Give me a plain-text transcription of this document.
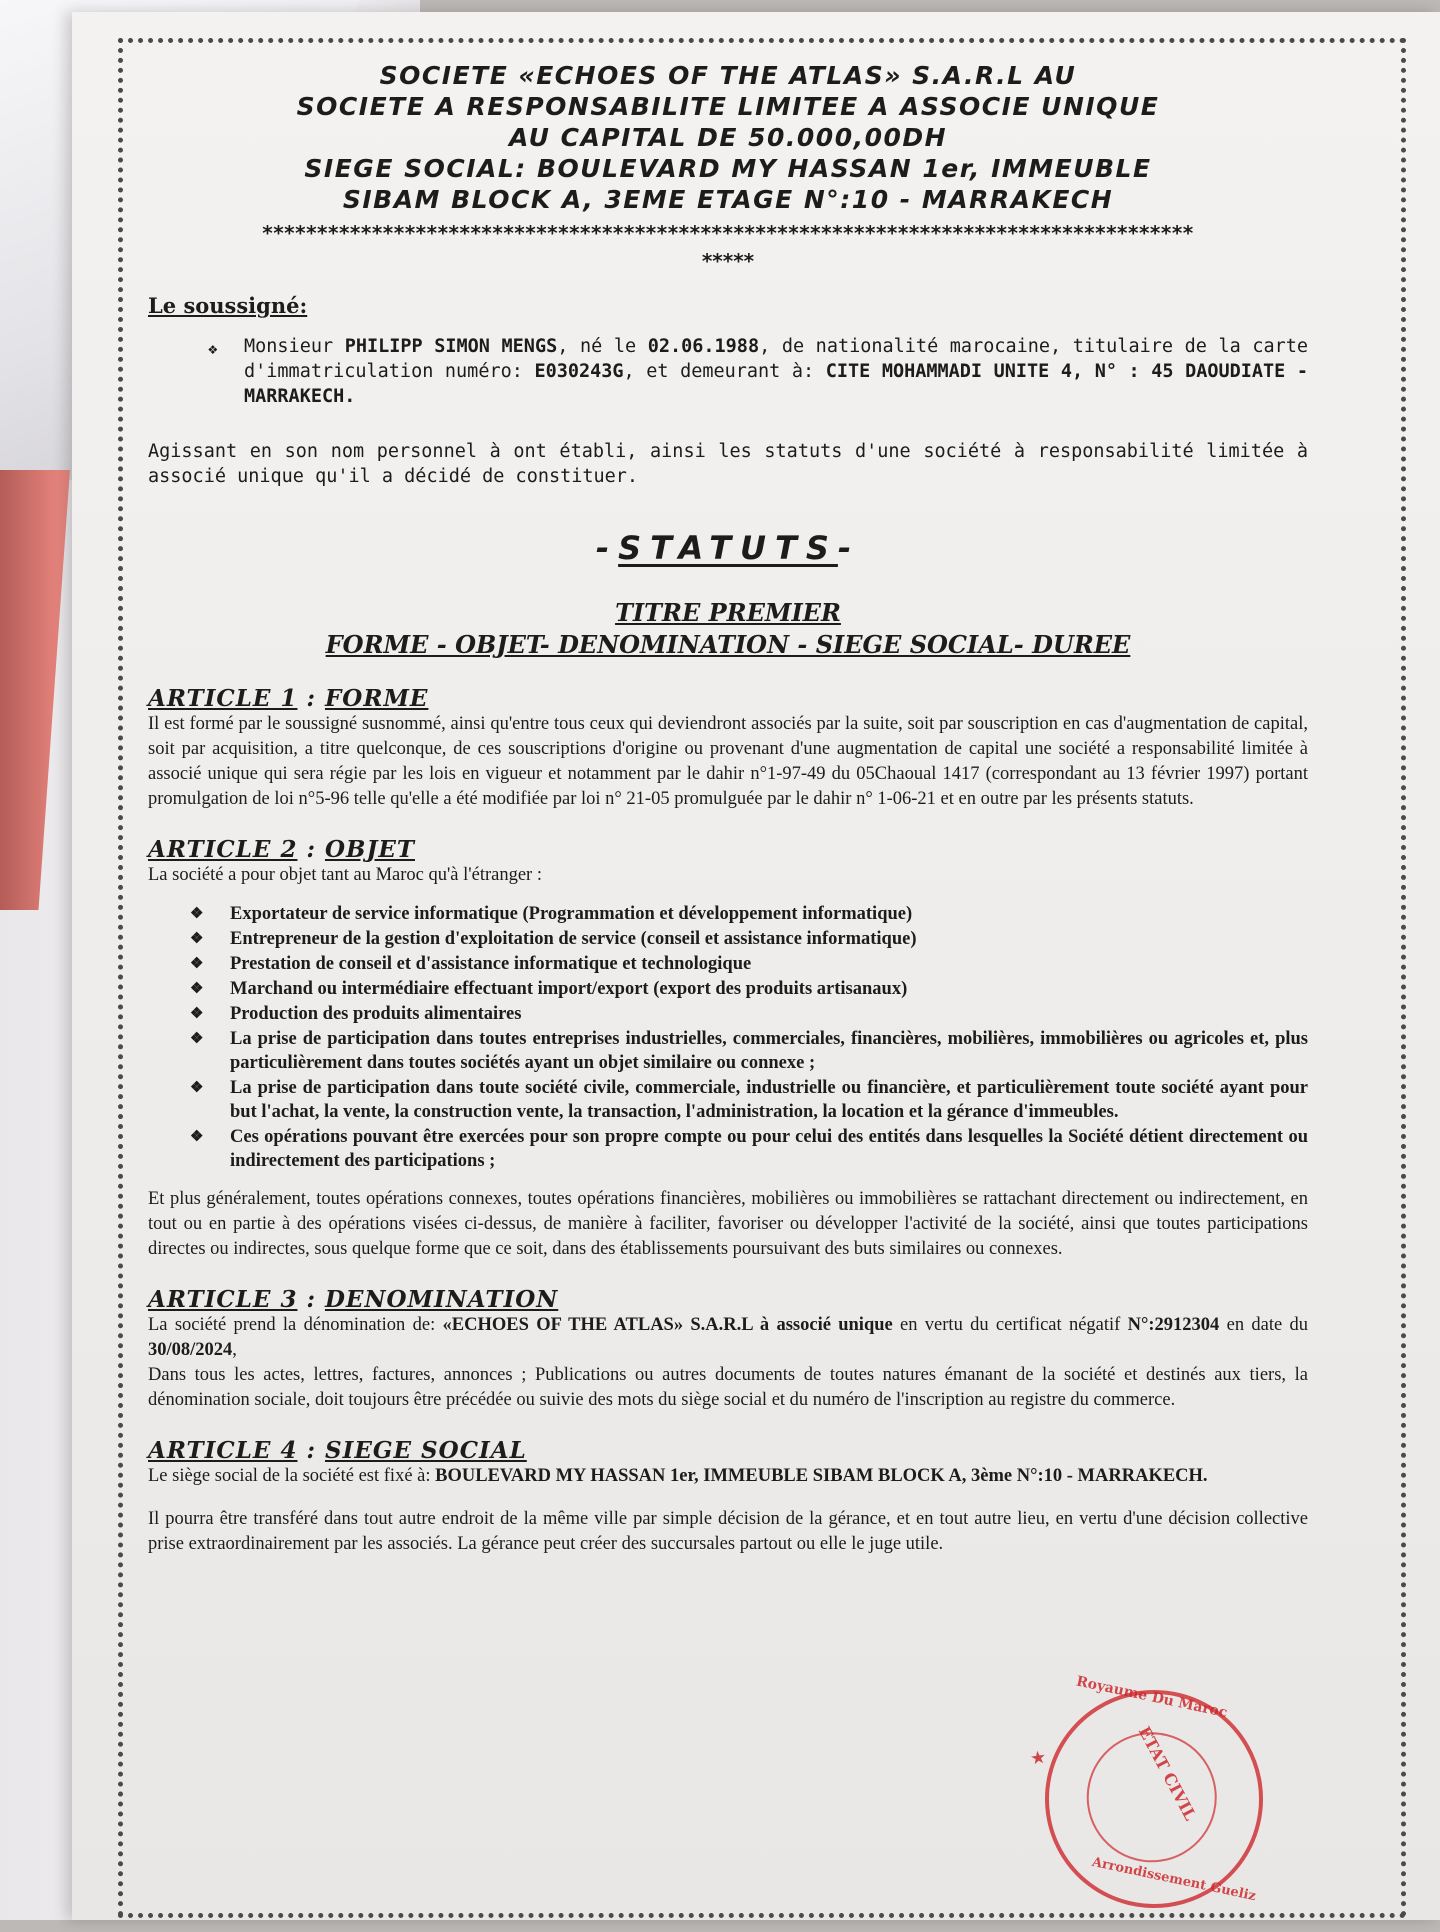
SOCIETE «ECHOES OF THE ATLAS» S.A.R.L AU
SOCIETE A RESPONSABILITE LIMITEE A ASSOCIE UNIQUE
AU CAPITAL DE 50.000,00DH
SIEGE SOCIAL: BOULEVARD MY HASSAN 1er, IMMEUBLE
SIBAM BLOCK A, 3EME ETAGE N°:10 - MARRAKECH
*************************************************************************************
*****
Le soussigné:
❖	Monsieur PHILIPP SIMON MENGS, né le 02.06.1988, de nationalité marocaine, titulaire de la carte d'immatriculation numéro: E030243G, et demeurant à: CITE MOHAMMADI UNITE 4, N° : 45 DAOUDIATE - MARRAKECH.
Agissant en son nom personnel à ont établi, ainsi les statuts d'une société à responsabilité limitée à associé unique qu'il a décidé de constituer.
-STATUTS-
TITRE PREMIER
FORME - OBJET- DENOMINATION - SIEGE SOCIAL- DUREE
ARTICLE 1 : FORME
Il est formé par le soussigné susnommé, ainsi qu'entre tous ceux qui deviendront associés par la suite, soit par souscription en cas d'augmentation de capital, soit par acquisition, a titre quelconque, de ces souscriptions d'origine ou provenant d'une augmentation de capital une société a responsabilité limitée à associé unique qui sera régie par les lois en vigueur et notamment par le dahir n°1-97-49 du 05Chaoual 1417 (correspondant au 13 février 1997) portant promulgation de loi n°5-96 telle qu'elle a été modifiée par loi n° 21-05 promulguée par le dahir n° 1-06-21 et en outre par les présents statuts.
ARTICLE 2 : OBJET
La société a pour objet tant au Maroc qu'à l'étranger :
❖	Exportateur de service informatique (Programmation et développement informatique)
❖	Entrepreneur de la gestion d'exploitation de service (conseil et assistance informatique)
❖	Prestation de conseil et d'assistance informatique et technologique
❖	Marchand ou intermédiaire effectuant import/export (export des produits artisanaux)
❖	Production des produits alimentaires
❖	La prise de participation dans toutes entreprises industrielles, commerciales, financières, mobilières, immobilières ou agricoles et, plus particulièrement dans toutes sociétés ayant un objet similaire ou connexe ;
❖	La prise de participation dans toute société civile, commerciale, industrielle ou financière, et particulièrement toute société ayant pour but l'achat, la vente, la construction vente, la transaction, l'administration, la location et la gérance d'immeubles.
❖	Ces opérations pouvant être exercées pour son propre compte ou pour celui des entités dans lesquelles la Société détient directement ou indirectement des participations ;
Et plus généralement, toutes opérations connexes, toutes opérations financières, mobilières ou immobilières se rattachant directement ou indirectement, en tout ou en partie à des opérations visées ci-dessus, de manière à faciliter, favoriser ou développer l'activité de la société, ainsi que toutes participations directes ou indirectes, sous quelque forme que ce soit, dans des établissements poursuivant des buts similaires ou connexes.
ARTICLE 3 : DENOMINATION
La société prend la dénomination de: «ECHOES OF THE ATLAS» S.A.R.L à associé unique en vertu du certificat négatif N°:2912304 en date du 30/08/2024,
Dans tous les actes, lettres, factures, annonces ; Publications ou autres documents de toutes natures émanant de la société et destinés aux tiers, la dénomination sociale, doit toujours être précédée ou suivie des mots du siège social et du numéro de l'inscription au registre du commerce.
ARTICLE 4 : SIEGE SOCIAL
Le siège social de la société est fixé à: BOULEVARD MY HASSAN 1er, IMMEUBLE SIBAM BLOCK A, 3ème N°:10 - MARRAKECH.
Il pourra être transféré dans tout autre endroit de la même ville par simple décision de la gérance, et en tout autre lieu, en vertu d'une décision collective prise extraordinairement par les associés. La gérance peut créer des succursales partout ou elle le juge utile.
★
Royaume Du Maroc
ETAT CIVIL
Arrondissement Gueliz
